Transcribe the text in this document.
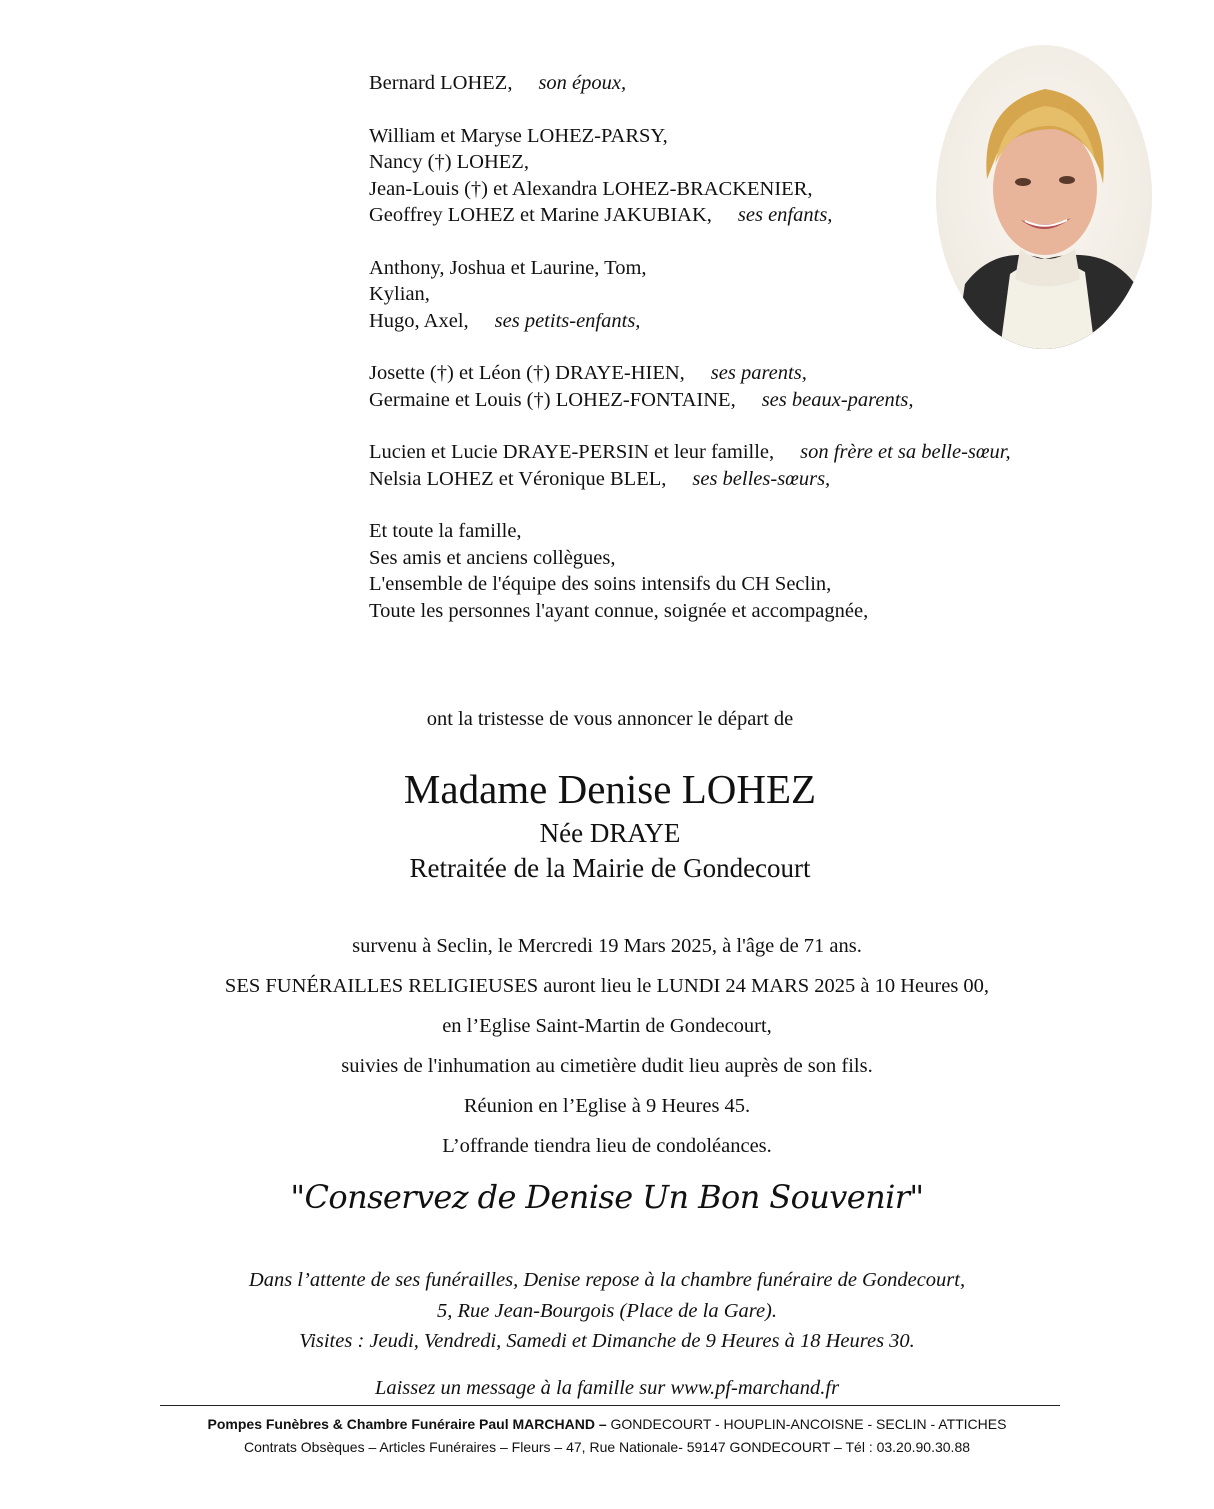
Bernard LOHEZ, son époux,
William et Maryse LOHEZ-PARSY,
Nancy (†) LOHEZ,
Jean-Louis (†) et Alexandra LOHEZ-BRACKENIER,
Geoffrey LOHEZ et Marine JAKUBIAK, ses enfants,
Anthony, Joshua et Laurine, Tom,
Kylian,
Hugo, Axel, ses petits-enfants,
Josette (†) et Léon (†) DRAYE-HIEN, ses parents,
Germaine et Louis (†) LOHEZ-FONTAINE, ses beaux-parents,
Lucien et Lucie DRAYE-PERSIN et leur famille, son frère et sa belle-sœur,
Nelsia LOHEZ et Véronique BLEL, ses belles-sœurs,
Et toute la famille,
Ses amis et anciens collègues,
L'ensemble de l'équipe des soins intensifs du CH Seclin,
Toute les personnes l'ayant connue, soignée et accompagnée,
ont la tristesse de vous annoncer le départ de
Madame Denise LOHEZ
Née DRAYE
Retraitée de la Mairie de Gondecourt
survenu à Seclin, le Mercredi 19 Mars 2025, à l'âge de 71 ans.
SES FUNÉRAILLES RELIGIEUSES auront lieu le LUNDI 24 MARS 2025 à 10 Heures 00,
en l’Eglise Saint-Martin de Gondecourt,
suivies de l'inhumation au cimetière dudit lieu auprès de son fils.
Réunion en l’Eglise à 9 Heures 45.
L’offrande tiendra lieu de condoléances.
"Conservez de Denise Un Bon Souvenir"
Dans l’attente de ses funérailles, Denise repose à la chambre funéraire de Gondecourt,
5, Rue Jean-Bourgois (Place de la Gare).
Visites : Jeudi, Vendredi, Samedi et Dimanche de 9 Heures à 18 Heures 30.
Laissez un message à la famille sur www.pf-marchand.fr
Pompes Funèbres & Chambre Funéraire Paul MARCHAND – GONDECOURT - HOUPLIN-ANCOISNE - SECLIN - ATTICHES
Contrats Obsèques – Articles Funéraires – Fleurs – 47, Rue Nationale- 59147 GONDECOURT – Tél : 03.20.90.30.88
